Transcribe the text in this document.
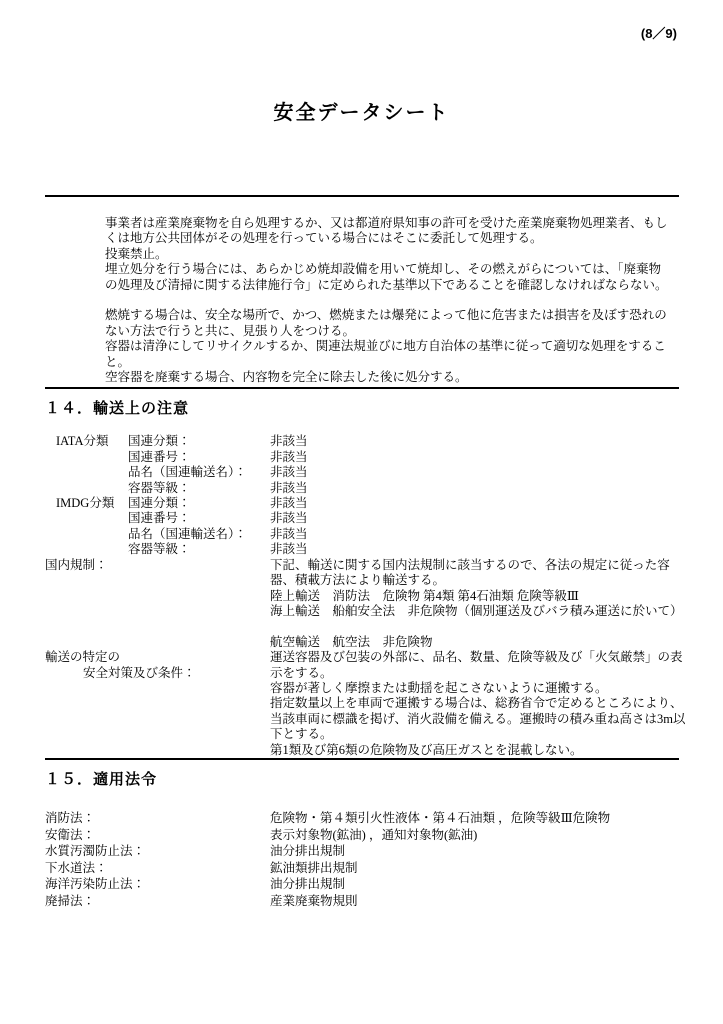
(8／9)
安全データシート
事業者は産業廃棄物を自ら処理するか、又は都道府県知事の許可を受けた産業廃棄物処理業者、もし
くは地方公共団体がその処理を行っている場合にはそこに委託して処理する。
投棄禁止。
埋立処分を行う場合には、あらかじめ焼却設備を用いて焼却し、その燃えがらについては、「廃棄物
の処理及び清掃に関する法律施行令」に定められた基準以下であることを確認しなければならない。
燃焼する場合は、安全な場所で、かつ、燃焼または爆発によって他に危害または損害を及ぼす恐れの
ない方法で行うと共に、見張り人をつける。
容器は清浄にしてリサイクルするか、関連法規並びに地方自治体の基準に従って適切な処理をするこ
と。
空容器を廃棄する場合、内容物を完全に除去した後に処分する。
１４．輸送上の注意
IATA分類	国連分類：	非該当
国連番号：	非該当
品名（国連輸送名）：	非該当
容器等級：	非該当
IMDG分類	国連分類：	非該当
国連番号：	非該当
品名（国連輸送名）：	非該当
容器等級：	非該当
国内規制：	下記、輸送に関する国内法規制に該当するので、各法の規定に従った容
器、積載方法により輸送する。
陸上輸送　消防法　危険物 第4類 第4石油類 危険等級Ⅲ
海上輸送　船舶安全法　非危険物（個別運送及びバラ積み運送に於いて）
航空輸送　航空法　非危険物
輸送の特定の
安全対策及び条件：
運送容器及び包装の外部に、品名、数量、危険等級及び「火気厳禁」の表
示をする。
容器が著しく摩擦または動揺を起こさないように運搬する。
指定数量以上を車両で運搬する場合は、総務省令で定めるところにより、
当該車両に標識を掲げ、消火設備を備える。運搬時の積み重ね高さは3m以
下とする。
第1類及び第6類の危険物及び高圧ガスとを混載しない。
１５．適用法令
消防法：	危険物・第４類引火性液体・第４石油類 ，危険等級Ⅲ危険物
安衛法：	表示対象物(鉱油) ，通知対象物(鉱油)
水質汚濁防止法：	油分排出規制
下水道法：	鉱油類排出規制
海洋汚染防止法：	油分排出規制
廃掃法：	産業廃棄物規則
